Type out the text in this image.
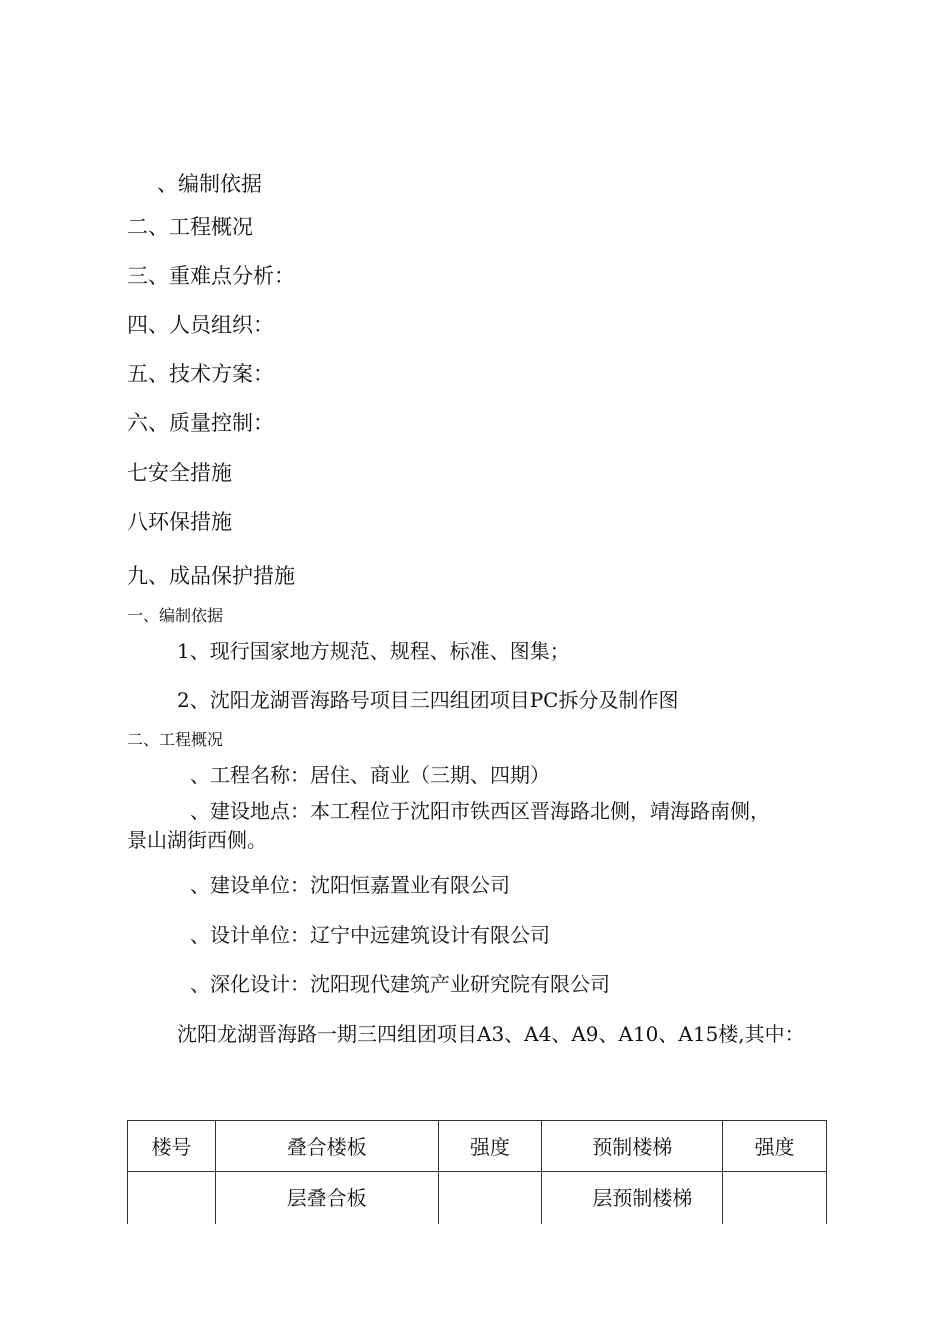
、编制依据
二、工程概况
三、重难点分析：
四、人员组织：
五、技术方案：
六、质量控制：
七安全措施
八环保措施
九、成品保护措施
一、编制依据
1、现行国家地方规范、规程、标准、图集；
2、沈阳龙湖晋海路号项目三四组团项目PC拆分及制作图
二、工程概况
、工程名称：居住、商业（三期、四期）
、建设地点：本工程位于沈阳市铁西区晋海路北侧，靖海路南侧，
景山湖街西侧。
、建设单位：沈阳恒嘉置业有限公司
、设计单位：辽宁中远建筑设计有限公司
、深化设计：沈阳现代建筑产业研究院有限公司
沈阳龙湖晋海路一期三四组团项目A3、A4、A9、A10、A15楼,其中：
楼号	叠合楼板	强度	预制楼梯	强度

	层叠合板		层预制楼梯	
